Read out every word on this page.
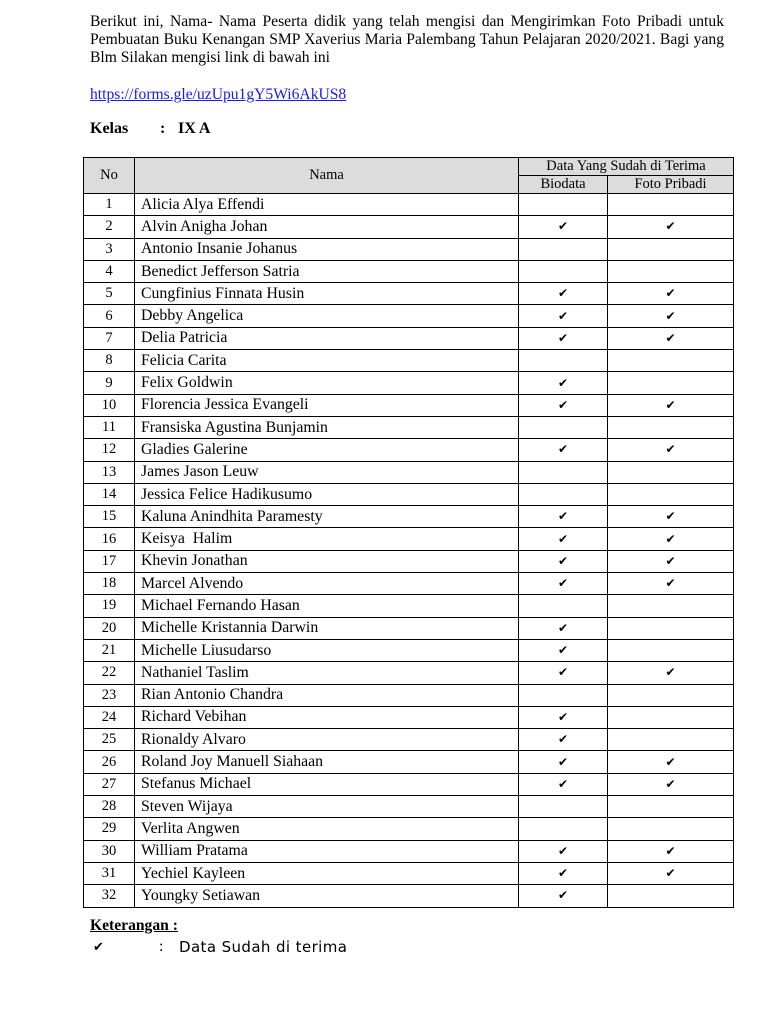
Berikut ini, Nama- Nama Peserta didik yang telah mengisi dan Mengirimkan Foto Pribadi untuk Pembuatan Buku Kenangan SMP Xaverius Maria Palembang Tahun Pelajaran 2020/2021. Bagi yang Blm Silakan mengisi link di bawah ini
https://forms.gle/uzUpu1gY5Wi6AkUS8
Kelas : IX A
No	Nama	Data Yang Sudah di Terima	
		Biodata	Foto Pribadi
1	Alicia Alya Effendi		
2	Alvin Anigha Johan	✔	✔
3	Antonio Insanie Johanus		
4	Benedict Jefferson Satria		
5	Cungfinius Finnata Husin	✔	✔
6	Debby Angelica	✔	✔
7	Delia Patricia	✔	✔
8	Felicia Carita		
9	Felix Goldwin	✔	
10	Florencia Jessica Evangeli	✔	✔
11	Fransiska Agustina Bunjamin		
12	Gladies Galerine	✔	✔
13	James Jason Leuw		
14	Jessica Felice Hadikusumo		
15	Kaluna Anindhita Paramesty	✔	✔
16	Keisya  Halim	✔	✔
17	Khevin Jonathan	✔	✔
18	Marcel Alvendo	✔	✔
19	Michael Fernando Hasan		
20	Michelle Kristannia Darwin	✔	
21	Michelle Liusudarso	✔	
22	Nathaniel Taslim	✔	✔
23	Rian Antonio Chandra		
24	Richard Vebihan	✔	
25	Rionaldy Alvaro	✔	
26	Roland Joy Manuell Siahaan	✔	✔
27	Stefanus Michael	✔	✔
28	Steven Wijaya		
29	Verlita Angwen		
30	William Pratama	✔	✔
31	Yechiel Kayleen	✔	✔
32	Youngky Setiawan	✔	
Keterangan :
✔	:	Data Sudah di terima
